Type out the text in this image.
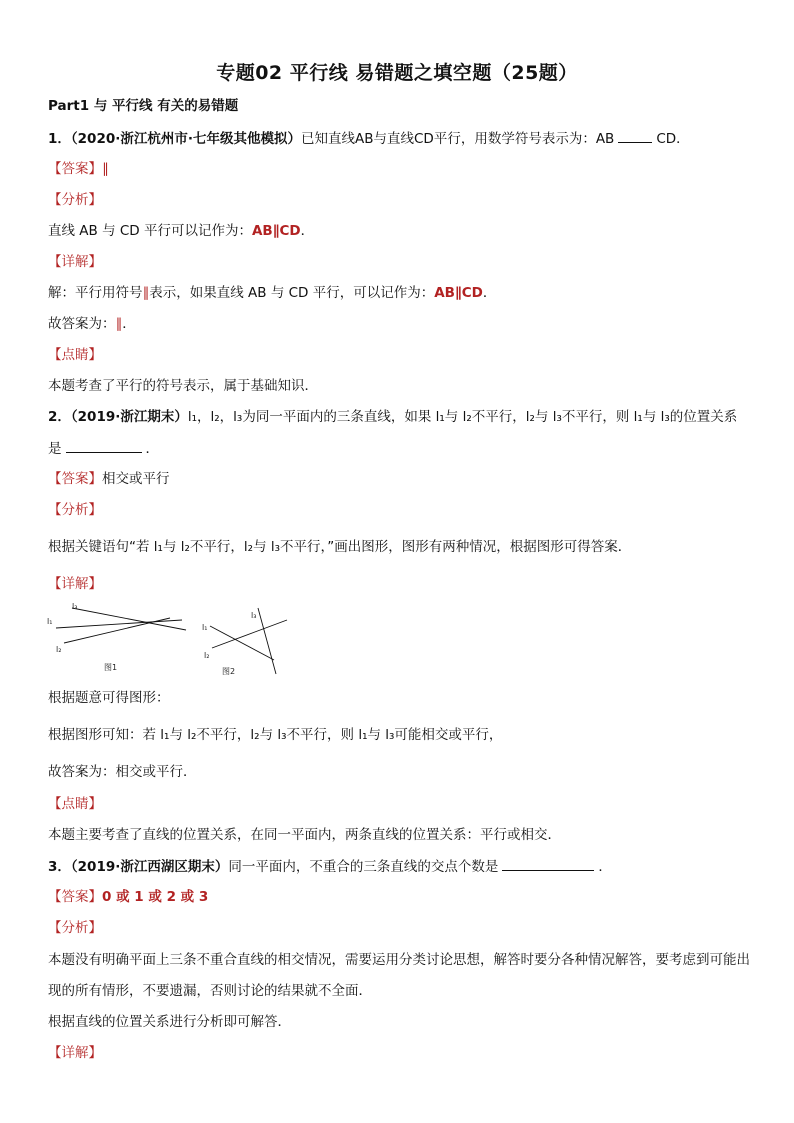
专题02 平行线 易错题之填空题（25题）
Part1 与 平行线 有关的易错题
1．（2020·浙江杭州市·七年级其他模拟）已知直线AB与直线CD平行，用数学符号表示为：AB	CD．
【答案】∥
【分析】
直线 AB 与 CD 平行可以记作为：AB∥CD．
【详解】
解：平行用符号∥表示，如果直线 AB 与 CD 平行，可以记作为：AB∥CD．
故答案为：∥．
【点睛】
本题考查了平行的符号表示，属于基础知识．
2．（2019·浙江期末）l₁，l₂，l₃为同一平面内的三条直线，如果 l₁与 l₂不平行，l₂与 l₃不平行，则 l₁与 l₃的位置关系
是	．
【答案】相交或平行
【分析】
根据关键语句“若 l₁与 l₂不平行，l₂与 l₃不平行，”画出图形，图形有两种情况，根据图形可得答案．
【详解】
l₃
l₁
l₂
图1
l₃
l₁
l₂
图2
根据题意可得图形：
根据图形可知：若 l₁与 l₂不平行，l₂与 l₃不平行，则 l₁与 l₃可能相交或平行，
故答案为：相交或平行．
【点睛】
本题主要考查了直线的位置关系，在同一平面内，两条直线的位置关系：平行或相交．
3．（2019·浙江西湖区期末）同一平面内，不重合的三条直线的交点个数是	．
【答案】0 或 1 或 2 或 3
【分析】
本题没有明确平面上三条不重合直线的相交情况，需要运用分类讨论思想，解答时要分各种情况解答，要考虑到可能出
现的所有情形，不要遗漏，否则讨论的结果就不全面．
根据直线的位置关系进行分析即可解答．
【详解】
